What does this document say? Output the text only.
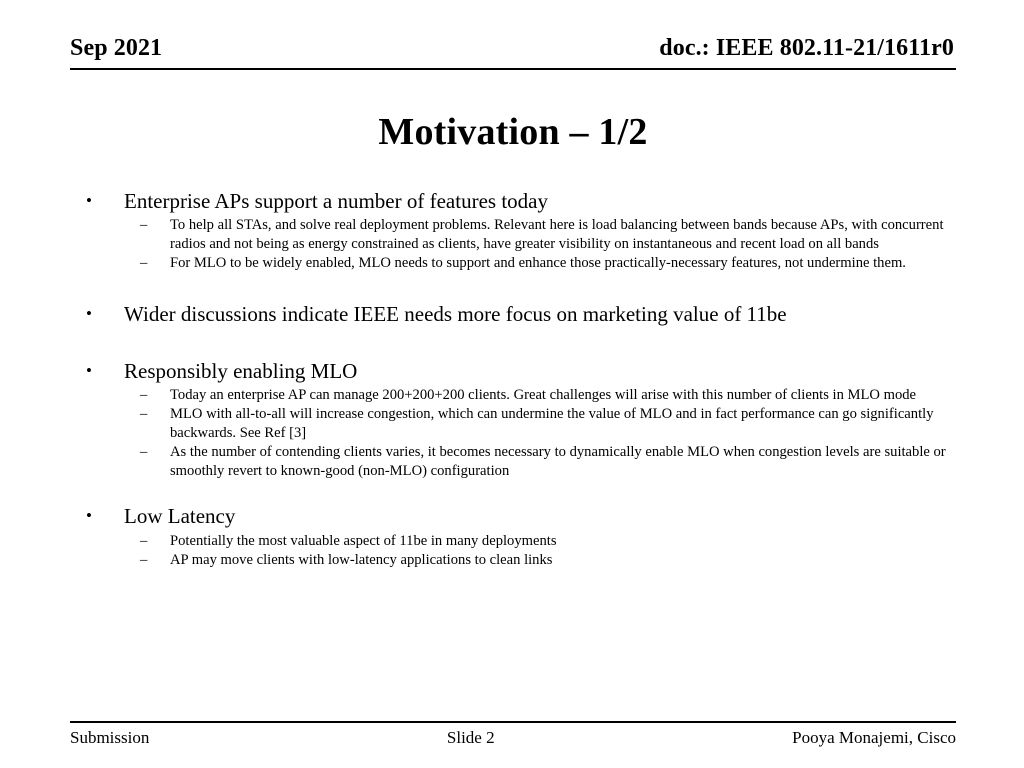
Sep 2021	doc.: IEEE 802.11-21/1611r0
Motivation – 1/2
• Enterprise APs support a number of features today
– To help all STAs, and solve real deployment problems. Relevant here is load balancing between bands because APs, with concurrent radios and not being as energy constrained as clients, have greater visibility on instantaneous and recent load on all bands
– For MLO to be widely enabled, MLO needs to support and enhance those practically-necessary features, not undermine them.
• Wider discussions indicate IEEE needs more focus on marketing value of 11be
• Responsibly enabling MLO
– Today an enterprise AP can manage 200+200+200 clients. Great challenges will arise with this number of clients in MLO mode
– MLO with all-to-all will increase congestion, which can undermine the value of MLO and in fact performance can go significantly backwards. See Ref [3]
– As the number of contending clients varies, it becomes necessary to dynamically enable MLO when congestion levels are suitable or smoothly revert to known-good (non-MLO) configuration
• Low Latency
– Potentially the most valuable aspect of 11be in many deployments
– AP may move clients with low-latency applications to clean links
Submission	Slide 2	Pooya Monajemi, Cisco
